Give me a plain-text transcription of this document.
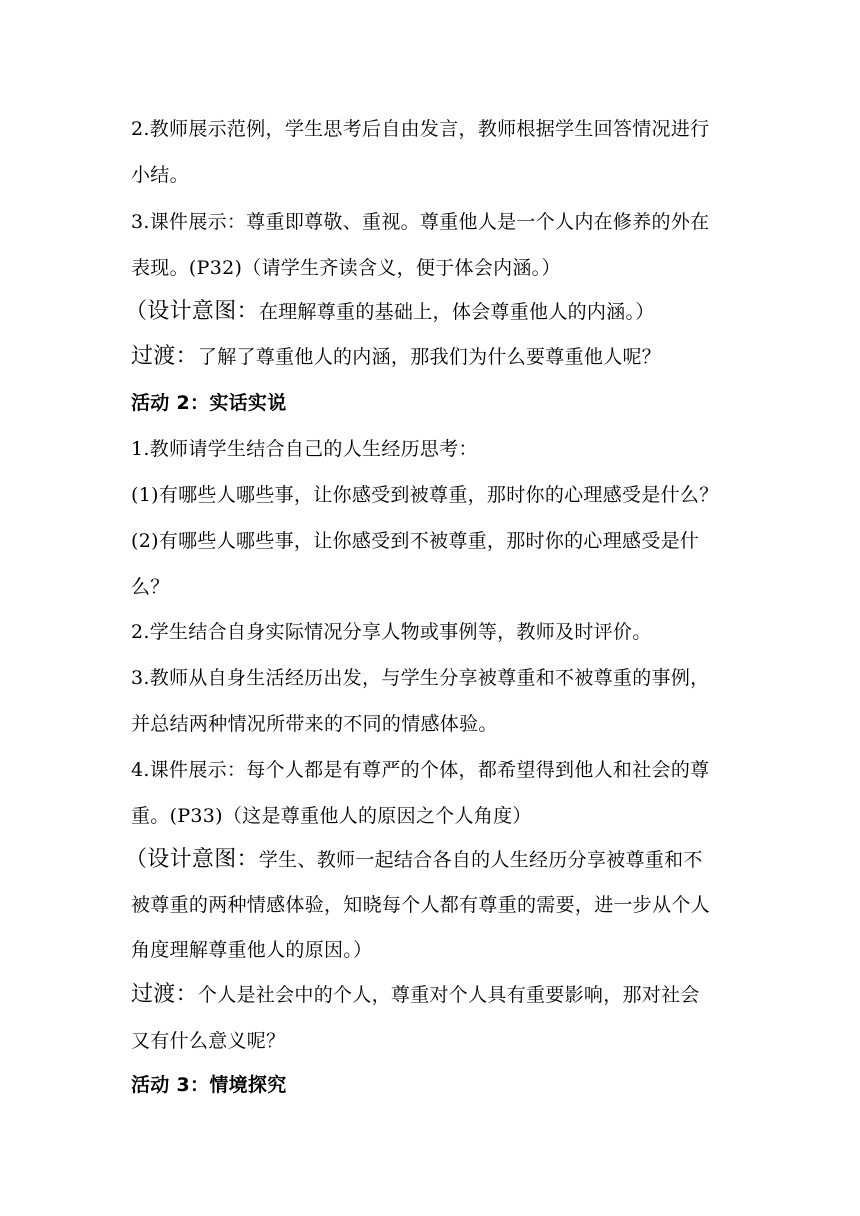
2.教师展示范例，学生思考后自由发言，教师根据学生回答情况进行
小结。
3.课件展示：尊重即尊敬、重视。尊重他人是一个人内在修养的外在
表现。(P32)（请学生齐读含义，便于体会内涵。）
（设计意图：在理解尊重的基础上，体会尊重他人的内涵。）
过渡：了解了尊重他人的内涵，那我们为什么要尊重他人呢？
活动 2：实话实说
1.教师请学生结合自己的人生经历思考：
(1)有哪些人哪些事，让你感受到被尊重，那时你的心理感受是什么？
(2)有哪些人哪些事，让你感受到不被尊重，那时你的心理感受是什
么？
2.学生结合自身实际情况分享人物或事例等，教师及时评价。
3.教师从自身生活经历出发，与学生分享被尊重和不被尊重的事例，
并总结两种情况所带来的不同的情感体验。
4.课件展示：每个人都是有尊严的个体，都希望得到他人和社会的尊
重。(P33)（这是尊重他人的原因之个人角度）
（设计意图：学生、教师一起结合各自的人生经历分享被尊重和不
被尊重的两种情感体验，知晓每个人都有尊重的需要，进一步从个人
角度理解尊重他人的原因。）
过渡：个人是社会中的个人，尊重对个人具有重要影响，那对社会
又有什么意义呢？
活动 3：情境探究
